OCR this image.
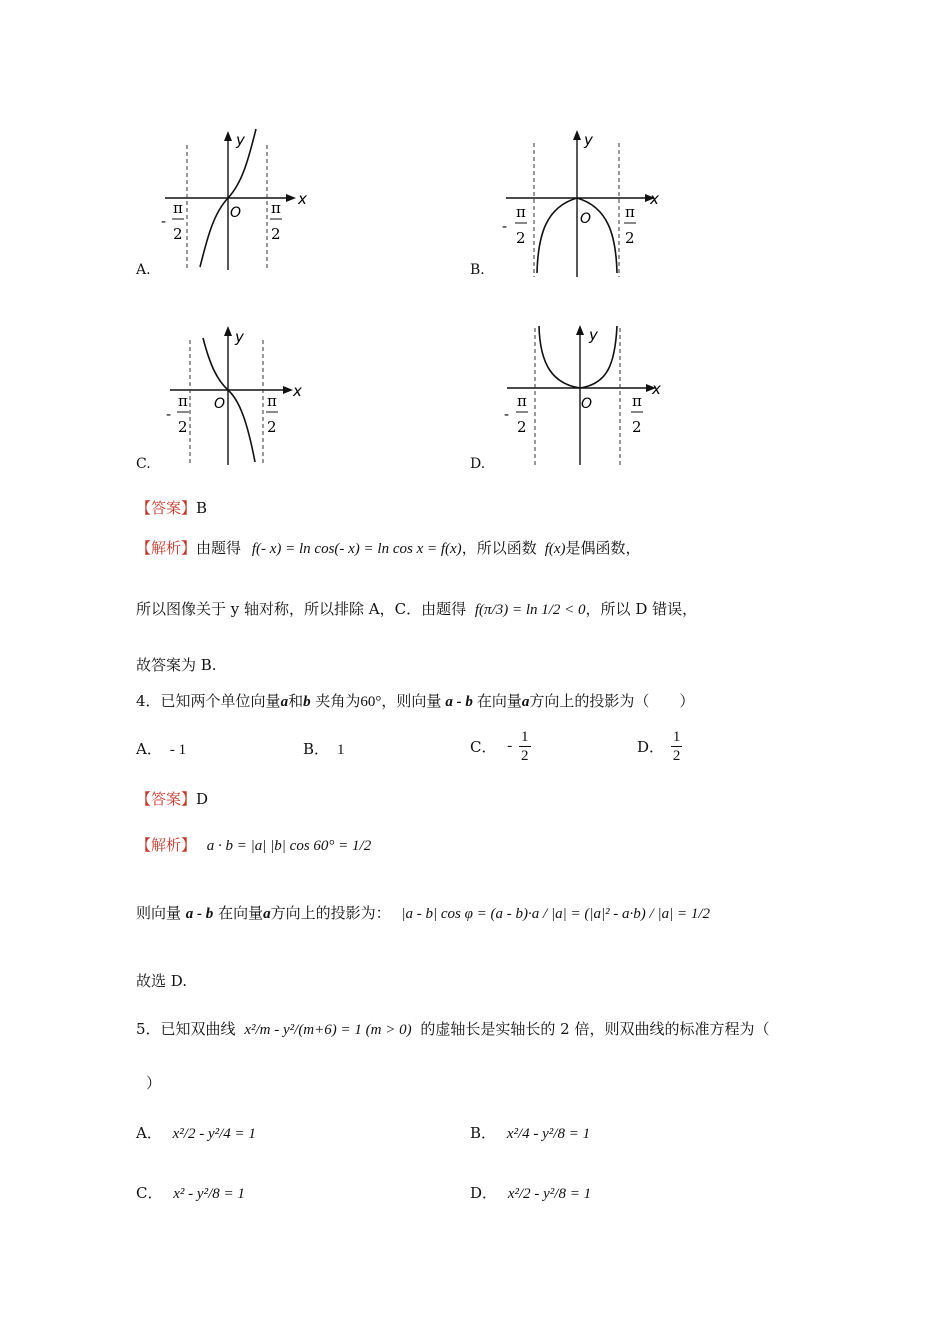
y
x
O
-
π
2
π
2
A.
y
x
O
-
π
2
π
2
B.
y
x
O
-
π
2
π
2
C.
y
x
O
-
π
2
π
2
D.
【答案】B
【解析】由题得 f(- x) = ln cos(- x) = ln cos x = f(x)，所以函数 f(x)是偶函数，
所以图像关于 y 轴对称，所以排除 A，C．由题得 f(π/3) = ln 1/2 < 0，所以 D 错误，
故答案为 B.
4．已知两个单位向量a和b 夹角为60°，则向量 a - b 在向量a方向上的投影为（　　）
A． - 1	B． 1	C． - $\frac{1}{2}$	D． $\frac{1}{2}$
【答案】D
【解析】 a · b = |a| |b| cos 60° = 1/2
则向量 a - b 在向量a方向上的投影为： |a - b| cos φ = (a - b)·a / |a| = (|a|² - a·b) / |a| = 1/2
故选 D.
5．已知双曲线 x²/m - y²/(m+6) = 1 (m > 0) 的虚轴长是实轴长的 2 倍，则双曲线的标准方程为（
）
A． x²/2 - y²/4 = 1	B． x²/4 - y²/8 = 1
C． x² - y²/8 = 1	D． x²/2 - y²/8 = 1
